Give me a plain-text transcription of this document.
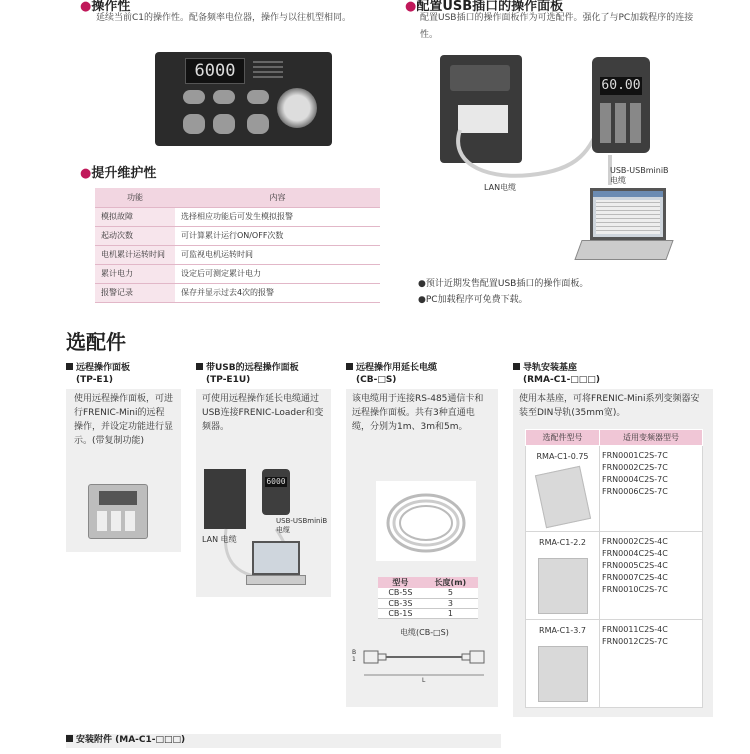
●操作性
延续当前C1的操作性。配备频率电位器，操作与以往机型相同。
6000
●提升维护性
功能	内容
模拟故障	选择相应功能后可发生模拟报警
起动次数	可计算累计运行ON/OFF次数
电机累计运转时间	可监视电机运转时间
累计电力	设定后可测定累计电力
报警记录	保存并显示过去4次的报警
●配置USB插口的操作面板
配置USB插口的操作面板作为可选配件。强化了与PC加载程序的连接性。
60.00
USB-USBminiB
电缆
LAN电缆
●预计近期发售配置USB插口的操作面板。
●PC加载程序可免费下载。
选配件
远程操作面板
(TP-E1)
使用远程操作面板，可进行FRENIC-Mini的远程操作，并设定功能进行显示。(带复制功能)
带USB的远程操作面板
(TP-E1U)
可使用远程操作延长电缆通过USB连接FRENIC-Loader和变频器。
6000
LAN 电缆
USB-USBminiB
电缆
远程操作用延长电缆
(CB-□S)
该电缆用于连接RS-485通信卡和远程操作面板。共有3种直通电缆，分别为1m、3m和5m。
型号	长度(m)
CB-5S	5
CB-3S	3
CB-1S	1
电缆(CB-□S)
B
1
L
导轨安装基座
(RMA-C1-□□□)
使用本基座，可将FRENIC-Mini系列变频器安装至DIN导轨(35mm宽)。
选配件型号	适用变频器型号

RMA-C1-0.75	FRN0001C2S-7C
FRN0002C2S-7C
FRN0004C2S-7C
FRN0006C2S-7C

RMA-C1-2.2	FRN0002C2S-4C
FRN0004C2S-4C
FRN0005C2S-4C
FRN0007C2S-4C
FRN0010C2S-7C

RMA-C1-3.7	FRN0011C2S-4C
FRN0012C2S-7C
安装附件 (MA-C1-□□□)
